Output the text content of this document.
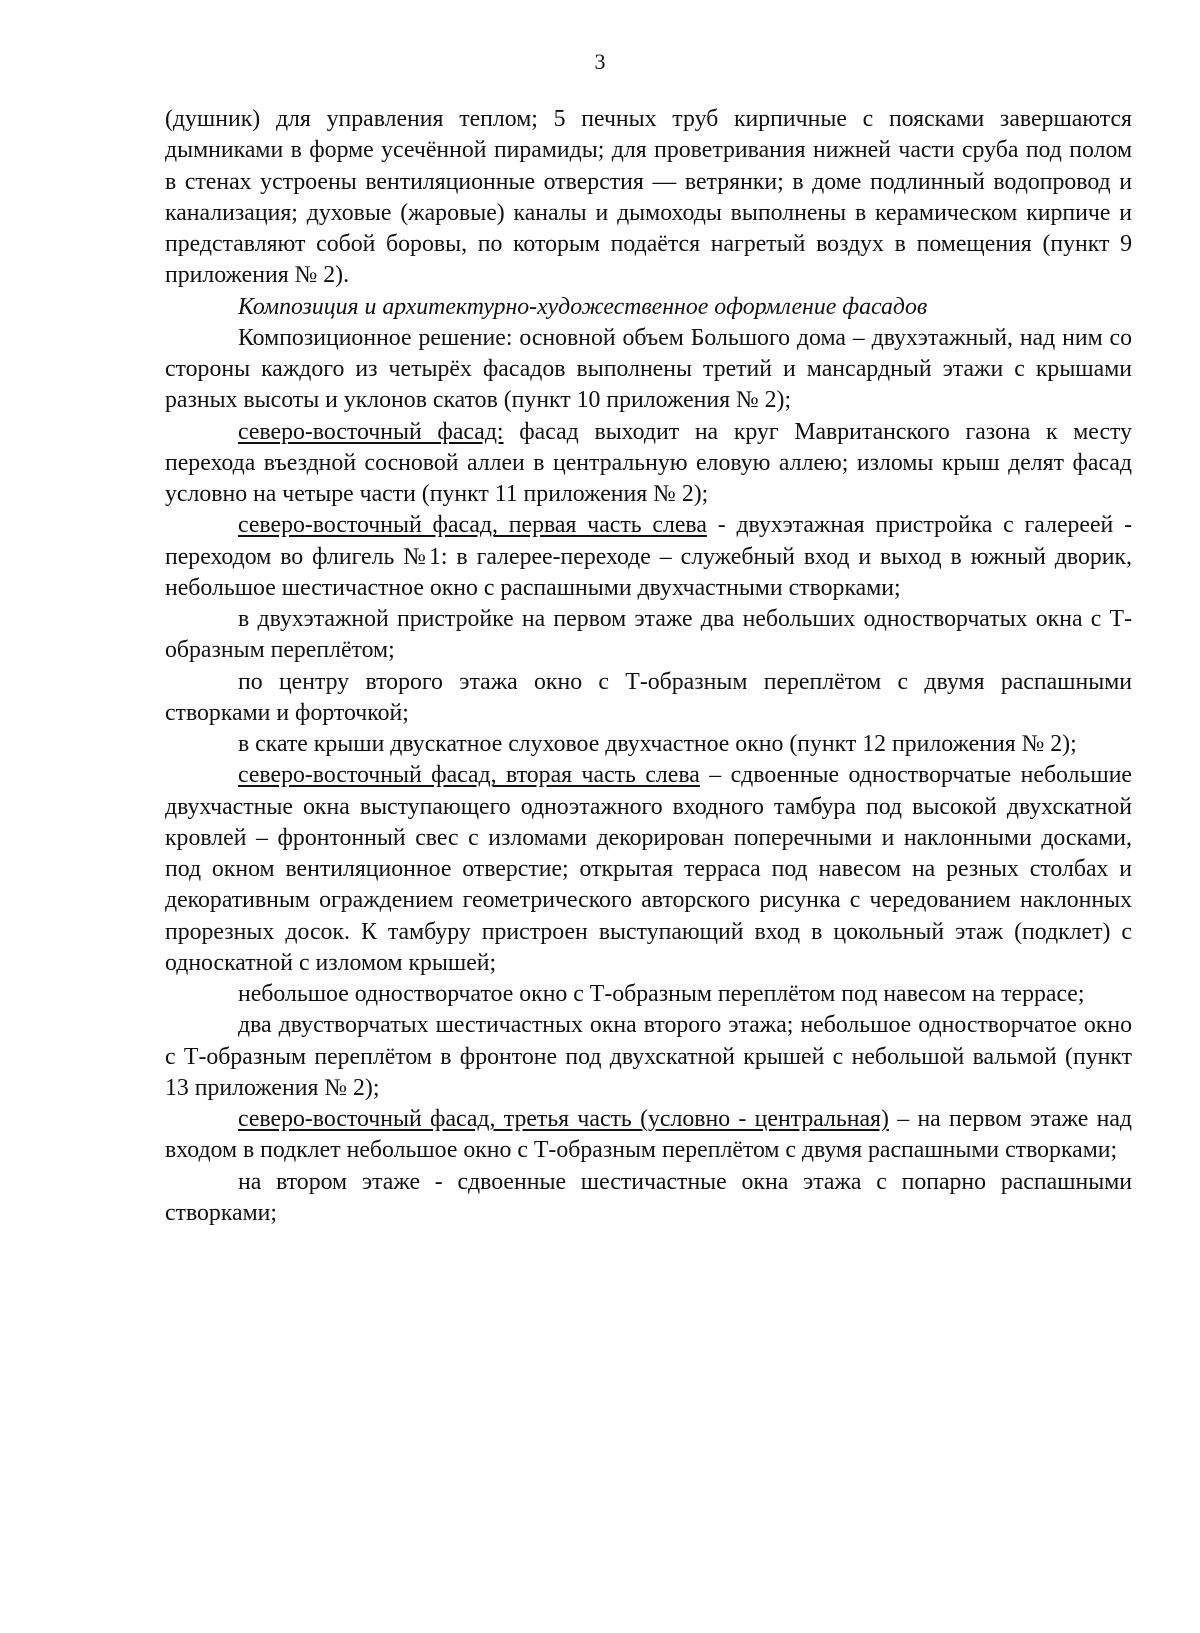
3

(душник) для управления теплом; 5 печных труб кирпичные с поясками завершаются дымниками в форме усечённой пирамиды; для проветривания нижней части сруба под полом в стенах устроены вентиляционные отверстия — ветрянки; в доме подлинный водопровод и канализация; духовые (жаровые) каналы и дымоходы выполнены в керамическом кирпиче и представляют собой боровы, по которым подаётся нагретый воздух в помещения (пункт 9 приложения № 2).

Композиция и архитектурно-художественное оформление фасадов

Композиционное решение: основной объем Большого дома – двухэтажный, над ним со стороны каждого из четырёх фасадов выполнены третий и мансардный этажи с крышами разных высоты и уклонов скатов (пункт 10 приложения № 2);

северо-восточный фасад: фасад выходит на круг Мавританского газона к месту перехода въездной сосновой аллеи в центральную еловую аллею; изломы крыш делят фасад условно на четыре части (пункт 11 приложения № 2);

северо-восточный фасад, первая часть слева - двухэтажная пристройка с галереей - переходом во флигель №1: в галерее-переходе – служебный вход и выход в южный дворик, небольшое шестичастное окно с распашными двухчастными створками;

в двухэтажной пристройке на первом этаже два небольших одностворчатых окна с Т-образным переплётом;

по центру второго этажа окно с Т-образным переплётом с двумя распашными створками и форточкой;

в скате крыши двускатное слуховое двухчастное окно (пункт 12 приложения № 2);

северо-восточный фасад, вторая часть слева – сдвоенные одностворчатые небольшие двухчастные окна выступающего одноэтажного входного тамбура под высокой двухскатной кровлей – фронтонный свес с изломами декорирован поперечными и наклонными досками, под окном вентиляционное отверстие; открытая терраса под навесом на резных столбах и декоративным ограждением геометрического авторского рисунка с чередованием наклонных прорезных досок. К тамбуру пристроен выступающий вход в цокольный этаж (подклет) с односкатной с изломом крышей;

небольшое одностворчатое окно с Т-образным переплётом под навесом на террасе;

два двустворчатых шестичастных окна второго этажа; небольшое одностворчатое окно с Т-образным переплётом в фронтоне под двухскатной крышей с небольшой вальмой (пункт 13 приложения № 2);

северо-восточный фасад, третья часть (условно - центральная) – на первом этаже над входом в подклет небольшое окно с Т-образным переплётом с двумя распашными створками;

на втором этаже - сдвоенные шестичастные окна этажа с попарно распашными створками;
